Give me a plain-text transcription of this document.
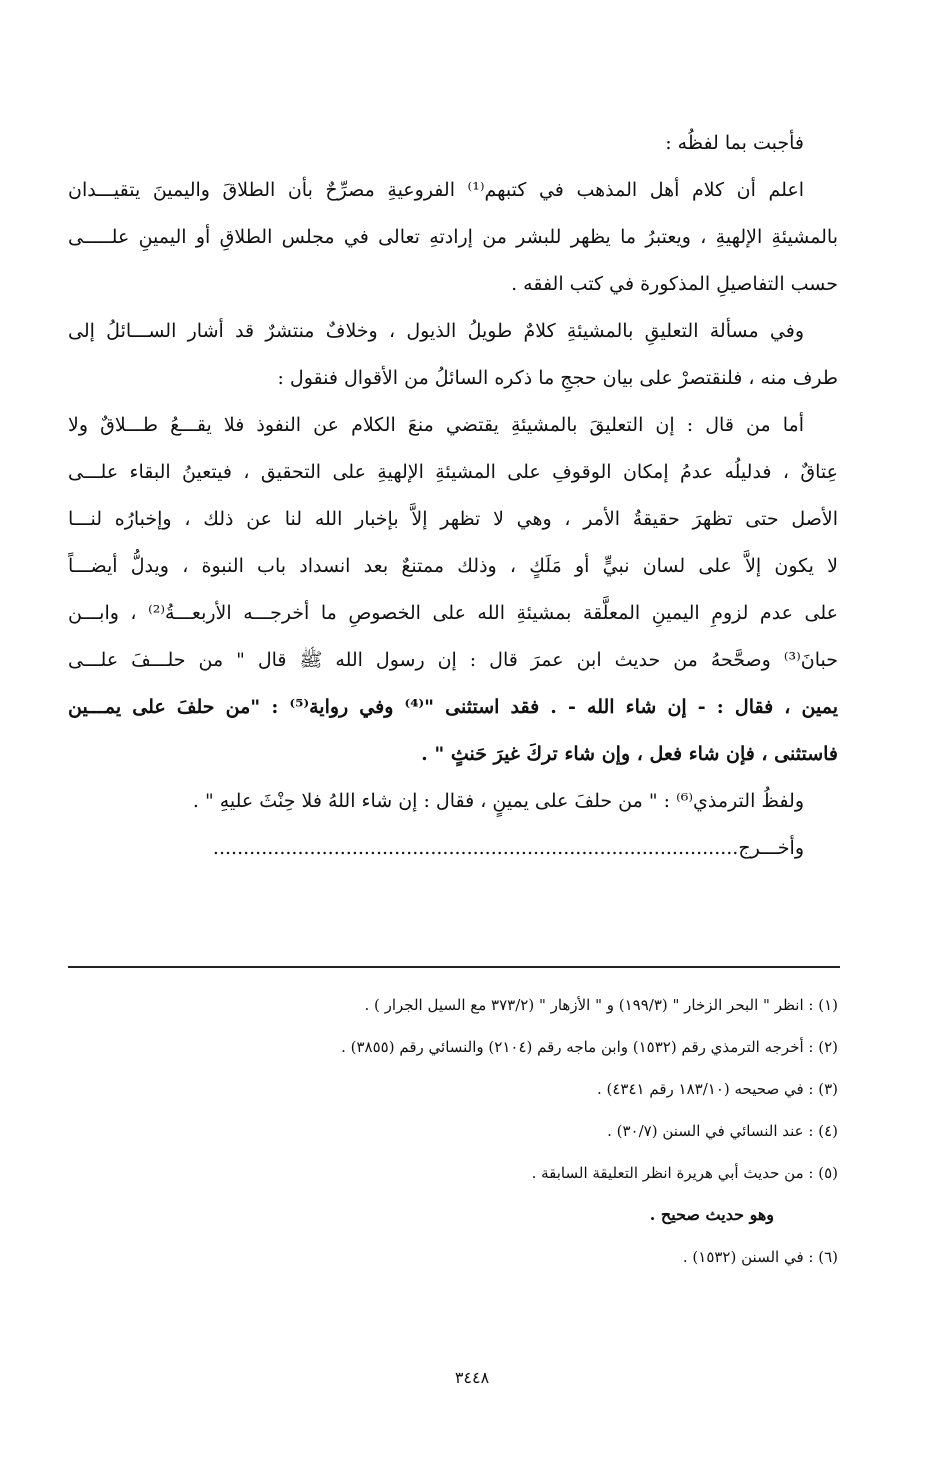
فأجبت بما لفظُه :
اعلم أن كلام أهل المذهب في كتبهم⁽¹⁾ الفروعيةِ مصرِّحٌ بأن الطلاقَ واليمينَ يتقيـــدان
بالمشيئةِ الإلهيةِ ، ويعتبرُ ما يظهر للبشر من إرادتهِ تعالى في مجلس الطلاقِ أو اليمينِ علـــــى
حسب التفاصيلِ المذكورة في كتب الفقه .
وفي مسألة التعليقِ بالمشيئةِ كلامٌ طويلُ الذيول ، وخلافٌ منتشرٌ قد أشار الســـائلُ إلى
طرف منه ، فلنقتصرْ على بيان حججِ ما ذكره السائلُ من الأقوال فنقول :
أما من قال : إن التعليقَ بالمشيئةِ يقتضي منعَ الكلام عن النفوذ فلا يقـــعُ طـــلاقٌ ولا
عِتاقٌ ، فدليلُه عدمُ إمكان الوقوفِ على المشيئةِ الإلهيةِ على التحقيق ، فيتعينُ البقاء علـــى
الأصل حتى تظهرَ حقيقةُ الأمر ، وهي لا تظهر إلاَّ بإخبار الله لنا عن ذلك ، وإخبارُه لنـــا
لا يكون إلاَّ على لسان نبيٍّ أو مَلَكٍ ، وذلك ممتنعٌ بعد انسداد باب النبوة ، ويدلُّ أيضـــاً
على عدم لزومِ اليمينِ المعلَّقة بمشيئةِ الله على الخصوصِ ما أخرجـــه الأربعـــةُ⁽²⁾ ، وابـــن
حبانَ⁽³⁾ وصحَّحهُ من حديث ابن عمرَ قال : إن رسول الله ﷺ قال " من حلـــفَ علـــى
يمين ، فقال : - إن شاء الله - . فقد استثنى "⁽⁴⁾ وفي رواية⁽⁵⁾ : "من حلفَ على يمـــين
فاستثنى ، فإن شاء فعل ، وإن شاء تركَ غيرَ حَنثٍ " .
ولفظُ الترمذي⁽⁶⁾ : " من حلفَ على يمينٍ ، فقال : إن شاء اللهُ فلا حِنْثَ عليهِ " .
وأخـــرج.......................................................................................
(١) : انظر " البحر الزخار " (١٩٩/٣) و " الأزهار " (٣٧٣/٢ مع السيل الجرار ) .
(٢) : أخرجه الترمذي رقم (١٥٣٢) وابن ماجه رقم (٢١٠٤) والنسائي رقم (٣٨٥٥) .
(٣) : في صحيحه (١٨٣/١٠ رقم ٤٣٤١) .
(٤) : عند النسائي في السنن (٣٠/٧) .
(٥) : من حديث أبي هريرة انظر التعليقة السابقة .
وهو حديث صحيح .
(٦) : في السنن (١٥٣٢) .
٣٤٤٨
